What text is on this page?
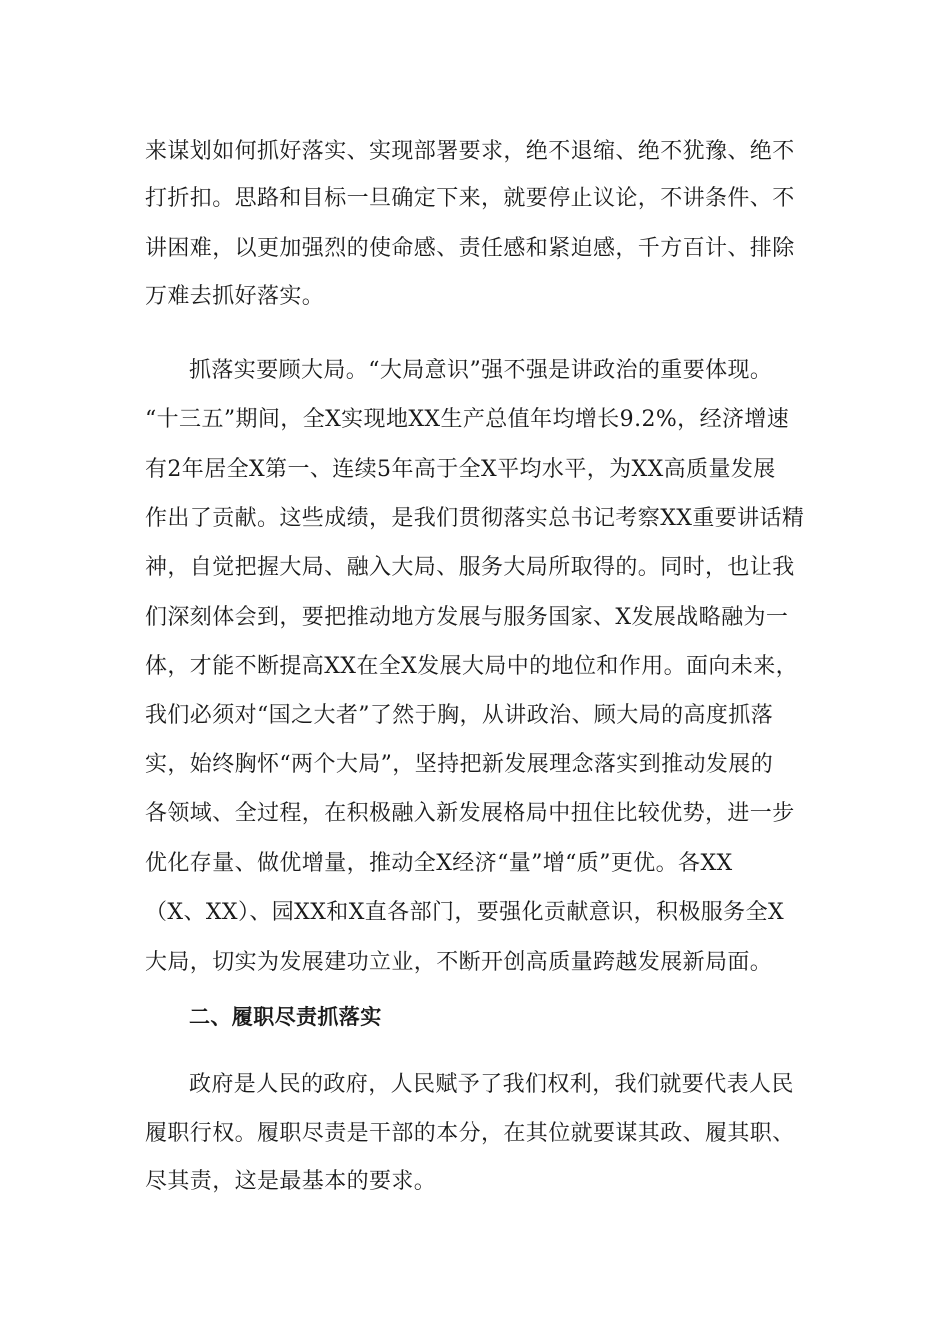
来谋划如何抓好落实、实现部署要求，绝不退缩、绝不犹豫、绝不
打折扣。思路和目标一旦确定下来，就要停止议论，不讲条件、不
讲困难，以更加强烈的使命感、责任感和紧迫感，千方百计、排除
万难去抓好落实。
抓落实要顾大局。“大局意识”强不强是讲政治的重要体现。
“十三五”期间，全X实现地XX生产总值年均增长9.2%，经济增速
有2年居全X第一、连续5年高于全X平均水平，为XX高质量发展
作出了贡献。这些成绩，是我们贯彻落实总书记考察XX重要讲话精
神，自觉把握大局、融入大局、服务大局所取得的。同时，也让我
们深刻体会到，要把推动地方发展与服务国家、X发展战略融为一
体，才能不断提高XX在全X发展大局中的地位和作用。面向未来，
我们必须对“国之大者”了然于胸，从讲政治、顾大局的高度抓落
实，始终胸怀“两个大局”，坚持把新发展理念落实到推动发展的
各领域、全过程，在积极融入新发展格局中扭住比较优势，进一步
优化存量、做优增量，推动全X经济“量”增“质”更优。各XX
（X、XX）、园XX和X直各部门，要强化贡献意识，积极服务全X
大局，切实为发展建功立业，不断开创高质量跨越发展新局面。
二、履职尽责抓落实
政府是人民的政府，人民赋予了我们权利，我们就要代表人民
履职行权。履职尽责是干部的本分，在其位就要谋其政、履其职、
尽其责，这是最基本的要求。
